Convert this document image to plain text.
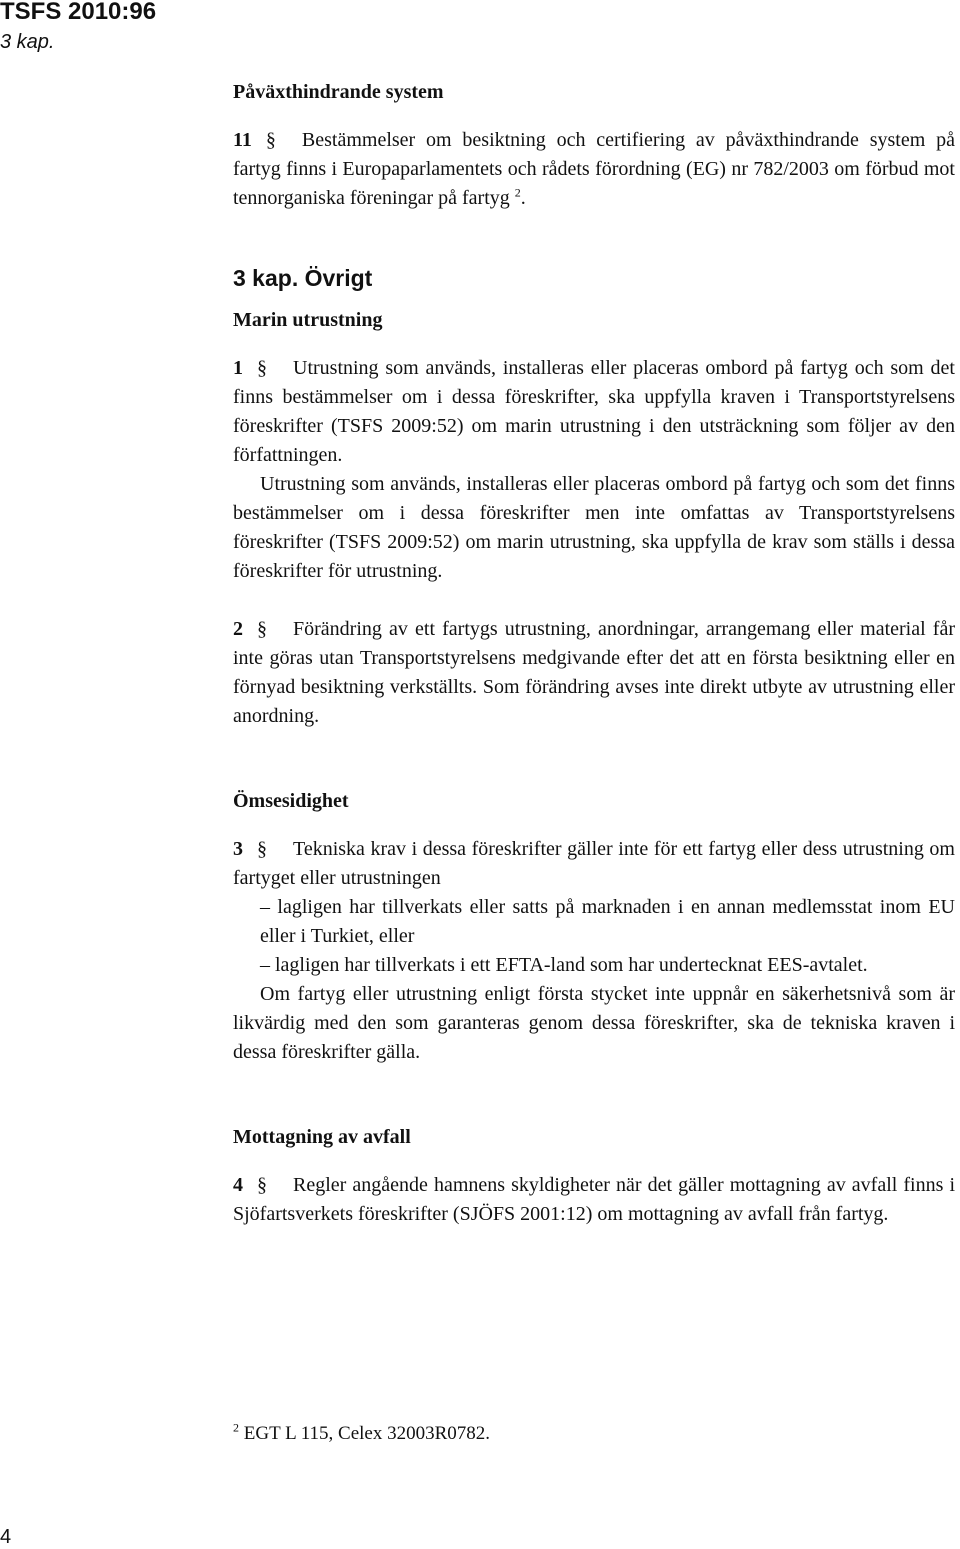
TSFS 2010:96
3 kap.

Påväxthindrande system

11 § Bestämmelser om besiktning och certifiering av påväxthindrande system på fartyg finns i Europaparlamentets och rådets förordning (EG) nr 782/2003 om förbud mot tennorganiska föreningar på fartyg $^2$.

3 kap. Övrigt

Marin utrustning

1 § Utrustning som används, installeras eller placeras ombord på fartyg och som det finns bestämmelser om i dessa föreskrifter, ska uppfylla kraven i Transportstyrelsens föreskrifter (TSFS 2009:52) om marin utrustning i den utsträckning som följer av den författningen.

Utrustning som används, installeras eller placeras ombord på fartyg och som det finns bestämmelser om i dessa föreskrifter men inte omfattas av Transportstyrelsens föreskrifter (TSFS 2009:52) om marin utrustning, ska uppfylla de krav som ställs i dessa föreskrifter för utrustning.

2 § Förändring av ett fartygs utrustning, anordningar, arrangemang eller material får inte göras utan Transportstyrelsens medgivande efter det att en första besiktning eller en förnyad besiktning verkställts. Som förändring avses inte direkt utbyte av utrustning eller anordning.

Ömsesidighet

3 § Tekniska krav i dessa föreskrifter gäller inte för ett fartyg eller dess utrustning om fartyget eller utrustningen

– lagligen har tillverkats eller satts på marknaden i en annan medlemsstat inom EU eller i Turkiet, eller

– lagligen har tillverkats i ett EFTA-land som har undertecknat EES-avtalet.

Om fartyg eller utrustning enligt första stycket inte uppnår en säkerhetsnivå som är likvärdig med den som garanteras genom dessa föreskrifter, ska de tekniska kraven i dessa föreskrifter gälla.

Mottagning av avfall

4 § Regler angående hamnens skyldigheter när det gäller mottagning av avfall finns i Sjöfartsverkets föreskrifter (SJÖFS 2001:12) om mottagning av avfall från fartyg.

$^2$ EGT L 115, Celex 32003R0782.
4
